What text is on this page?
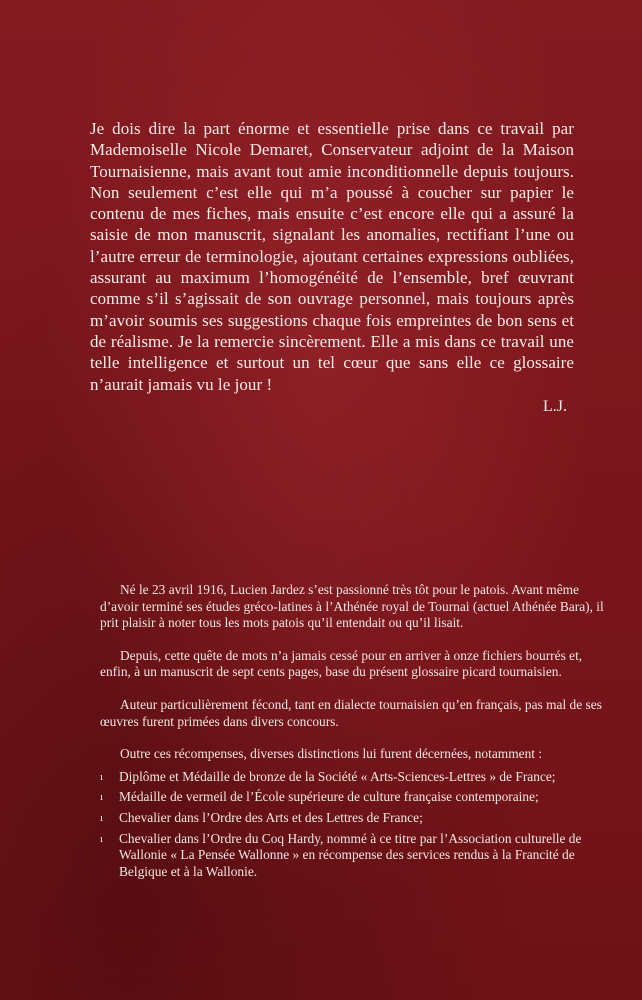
Je dois dire la part énorme et essentielle prise dans ce travail par Mademoiselle Nicole Demaret, Conservateur adjoint de la Maison Tournaisienne, mais avant tout amie inconditionnelle depuis toujours. Non seulement c’est elle qui m’a poussé à coucher sur papier le contenu de mes fiches, mais ensuite c’est encore elle qui a assuré la saisie de mon manuscrit, signalant les anomalies, rectifiant l’une ou l’autre erreur de terminologie, ajoutant certaines expressions oubliées, assurant au maximum l’homogénéité de l’ensemble, bref œuvrant comme s’il s’agissait de son ouvrage personnel, mais toujours après m’avoir soumis ses suggestions chaque fois empreintes de bon sens et de réalisme. Je la remercie sincèrement. Elle a mis dans ce travail une telle intelligence et surtout un tel cœur que sans elle ce glossaire n’aurait jamais vu le jour !
L.J.

Né le 23 avril 1916, Lucien Jardez s’est passionné très tôt pour le patois. Avant même d’avoir terminé ses études gréco-latines à l’Athénée royal de Tournai (actuel Athénée Bara), il prit plaisir à noter tous les mots patois qu’il entendait ou qu’il lisait.

Depuis, cette quête de mots n’a jamais cessé pour en arriver à onze fichiers bourrés et, enfin, à un manuscrit de sept cents pages, base du présent glossaire picard tournaisien.

Auteur particulièrement fécond, tant en dialecte tournaisien qu’en français, pas mal de ses œuvres furent primées dans divers concours.

Outre ces récompenses, diverses distinctions lui furent décernées, notamment :

ı Diplôme et Médaille de bronze de la Société « Arts-Sciences-Lettres » de France;
ı Médaille de vermeil de l’École supérieure de culture française contemporaine;
ı Chevalier dans l’Ordre des Arts et des Lettres de France;
ı Chevalier dans l’Ordre du Coq Hardy, nommé à ce titre par l’Association culturelle de Wallonie « La Pensée Wallonne » en récompense des services rendus à la Francité de Belgique et à la Wallonie.
